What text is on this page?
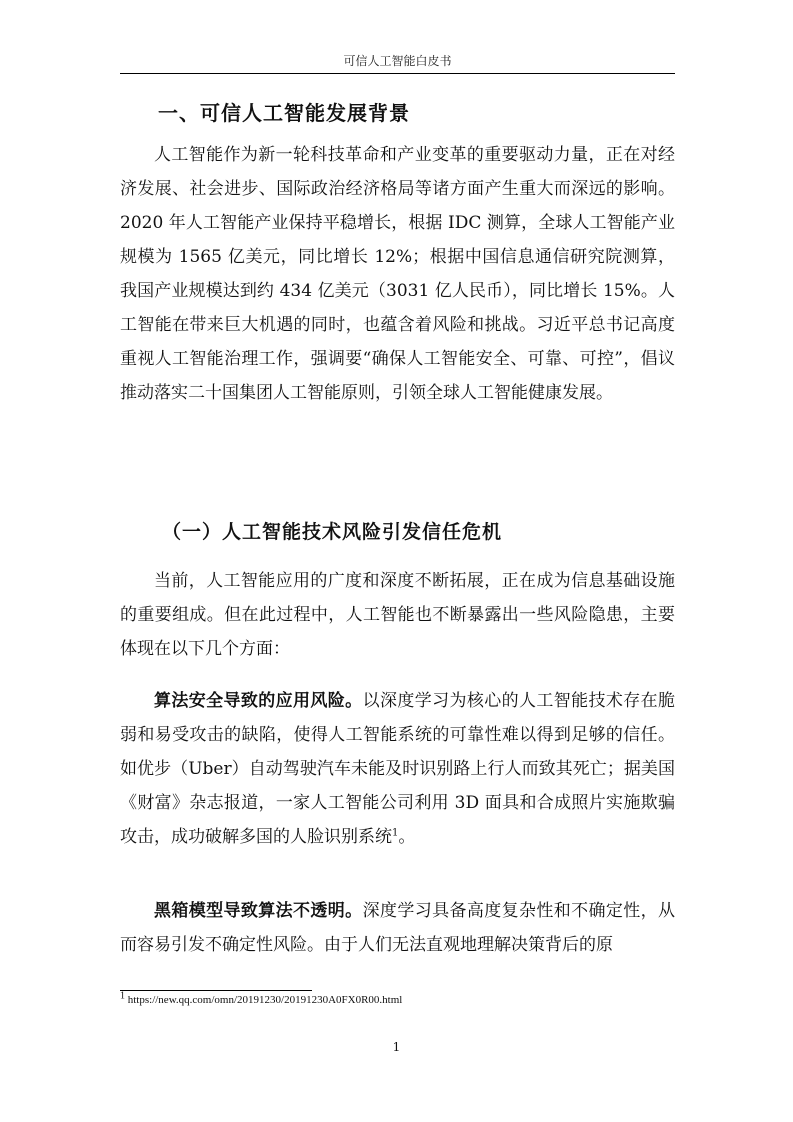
可信人工智能白皮书
一、可信人工智能发展背景

人工智能作为新一轮科技革命和产业变革的重要驱动力量，正在对经济发展、社会进步、国际政治经济格局等诸方面产生重大而深远的影响。2020 年人工智能产业保持平稳增长，根据 IDC 测算，全球人工智能产业规模为 1565 亿美元，同比增长 12%；根据中国信息通信研究院测算，我国产业规模达到约 434 亿美元（3031 亿人民币），同比增长 15%。人工智能在带来巨大机遇的同时，也蕴含着风险和挑战。习近平总书记高度重视人工智能治理工作，强调要“确保人工智能安全、可靠、可控”，倡议推动落实二十国集团人工智能原则，引领全球人工智能健康发展。

（一）人工智能技术风险引发信任危机

当前，人工智能应用的广度和深度不断拓展，正在成为信息基础设施的重要组成。但在此过程中，人工智能也不断暴露出一些风险隐患，主要体现在以下几个方面：

算法安全导致的应用风险。以深度学习为核心的人工智能技术存在脆弱和易受攻击的缺陷，使得人工智能系统的可靠性难以得到足够的信任。如优步（Uber）自动驾驶汽车未能及时识别路上行人而致其死亡；据美国《财富》杂志报道，一家人工智能公司利用 3D 面具和合成照片实施欺骗攻击，成功破解多国的人脸识别系统$^1$。

黑箱模型导致算法不透明。深度学习具备高度复杂性和不确定性，从而容易引发不确定性风险。由于人们无法直观地理解决策背后的原

$^1$ https://new.qq.com/omn/20191230/20191230A0FX0R00.html
1
